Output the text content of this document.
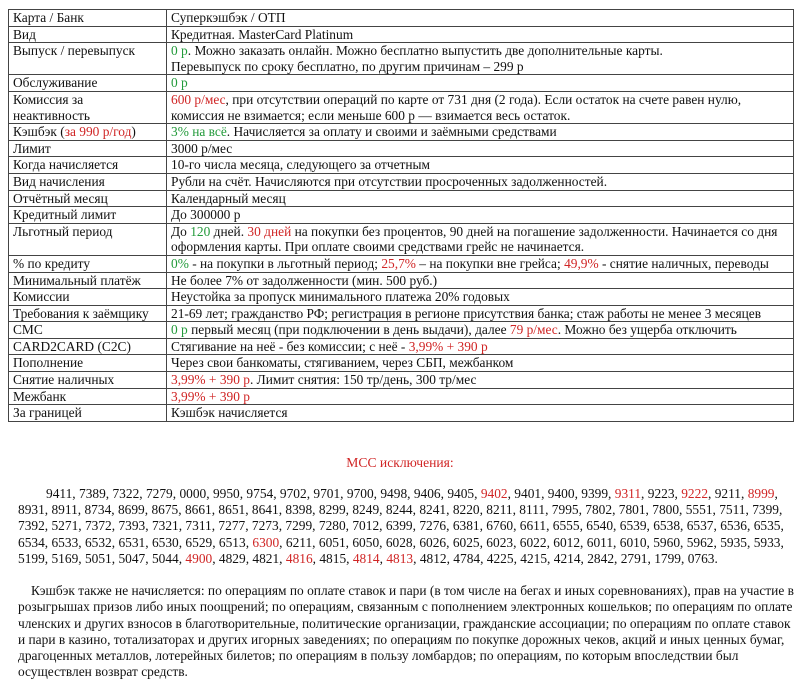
Карта / Банк	Суперкэшбэк / ОТП
Вид	Кредитная. MasterCard Platinum
Выпуск / перевыпуск	0 р. Можно заказать онлайн. Можно бесплатно выпустить две дополнительные карты.
Перевыпуск по сроку бесплатно, по другим причинам – 299 р
Обслуживание	0 р
Комиссия за неактивность	600 р/мес, при отсутствии операций по карте от 731 дня (2 года). Если остаток на счете равен нулю, комиссия не взимается; если меньше 600 р — взимается весь остаток.
Кэшбэк (за 990 р/год)	3% на всё. Начисляется за оплату и своими и заёмными средствами
Лимит	3000 р/мес
Когда начисляется	10-го числа месяца, следующего за отчетным
Вид начисления	Рубли на счёт. Начисляются при отсутствии просроченных задолженностей.
Отчётный месяц	Календарный месяц
Кредитный лимит	До 300000 р
Льготный период	До 120 дней. 30 дней на покупки без процентов, 90 дней на погашение задолженности. Начинается со дня оформления карты. При оплате своими средствами грейс не начинается.
% по кредиту	0% - на покупки в льготный период; 25,7% – на покупки вне грейса; 49,9% - снятие наличных, переводы
Минимальный платёж	Не более 7% от задолженности (мин. 500 руб.)
Комиссии	Неустойка за пропуск минимального платежа 20% годовых
Требования к заёмщику	21-69 лет; гражданство РФ; регистрация в регионе присутствия банка; стаж работы не менее 3 месяцев
СМС	0 р первый месяц (при подключении в день выдачи), далее 79 р/мес. Можно без ущерба отключить
CARD2CARD (C2C)	Стягивание на неё - без комиссии; с неё - 3,99% + 390 р
Пополнение	Через свои банкоматы, стягиванием, через СБП, межбанком
Снятие наличных	3,99% + 390 р. Лимит снятия: 150 тр/день, 300 тр/мес
Межбанк	3,99% + 390 р
За границей	Кэшбэк начисляется
МСС исключения:
9411, 7389, 7322, 7279, 0000, 9950, 9754, 9702, 9701, 9700, 9498, 9406, 9405, 9402, 9401, 9400, 9399, 9311, 9223, 9222, 9211, 8999, 8931, 8911, 8734, 8699, 8675, 8661, 8651, 8641, 8398, 8299, 8249, 8244, 8241, 8220, 8211, 8111, 7995, 7802, 7801, 7800, 5551, 7511, 7399, 7392, 5271, 7372, 7393, 7321, 7311, 7277, 7273, 7299, 7280, 7012, 6399, 7276, 6381, 6760, 6611, 6555, 6540, 6539, 6538, 6537, 6536, 6535, 6534, 6533, 6532, 6531, 6530, 6529, 6513, 6300, 6211, 6051, 6050, 6028, 6026, 6025, 6023, 6022, 6012, 6011, 6010, 5960, 5962, 5935, 5933, 5199, 5169, 5051, 5047, 5044, 4900, 4829, 4821, 4816, 4815, 4814, 4813, 4812, 4784, 4225, 4215, 4214, 2842, 2791, 1799, 0763.
Кэшбэк также не начисляется: по операциям по оплате ставок и пари (в том числе на бегах и иных соревнованиях), прав на участие в розыгрышах призов либо иных поощрений; по операциям, связанным с пополнением электронных кошельков; по операциям по оплате членских и других взносов в благотворительные, политические организации, гражданские ассоциации; по операциям по оплате ставок и пари в казино, тотализаторах и других игорных заведениях; по операциям по покупке дорожных чеков, акций и иных ценных бумаг, драгоценных металлов, лотерейных билетов; по операциям в пользу ломбардов; по операциям, по которым впоследствии был осуществлен возврат средств.
